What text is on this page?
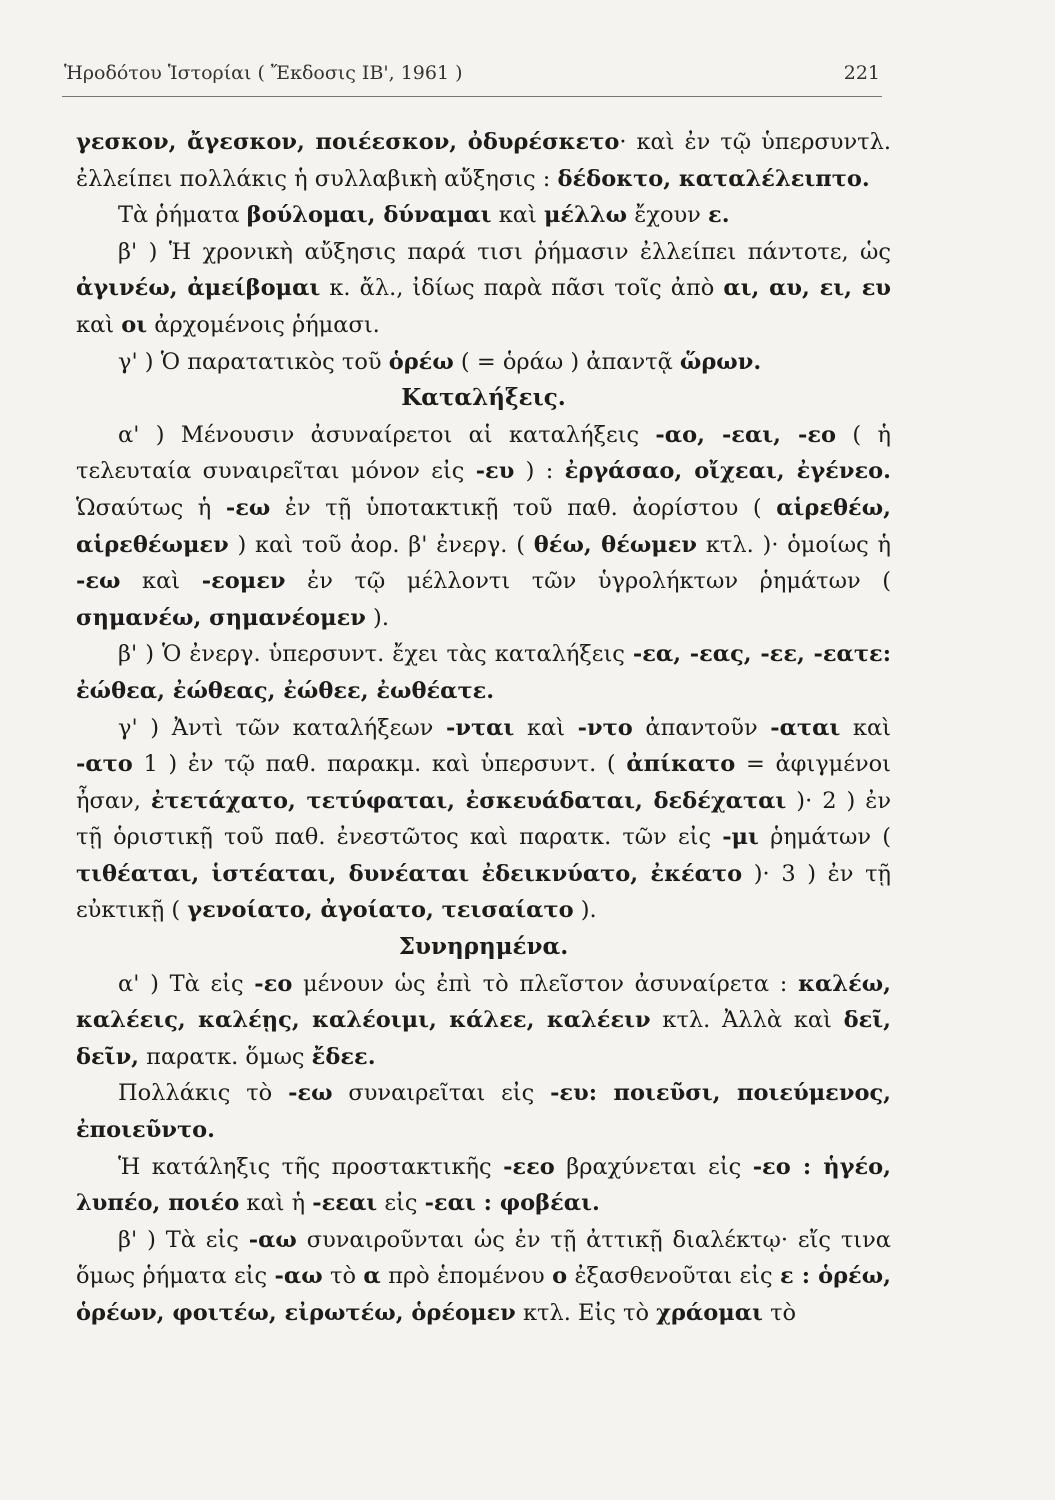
Ἡροδότου Ἱστορίαι ( Ἔκδοσις ΙΒ', 1961 )	221

γεσκον, ἄγεσκον, ποιέεσκον, ὀδυρέσκετο· καὶ ἐν τῷ ὑπερσυντλ. ἐλλείπει πολλάκις ἡ συλλαβικὴ αὔξησις : δέδοκτο, καταλέλειπτο.

Τὰ ῥήματα βούλομαι, δύναμαι καὶ μέλλω ἔχουν ε.

β' ) Ἡ χρονικὴ αὔξησις παρά τισι ῥήμασιν ἐλλείπει πάντοτε, ὡς ἀγινέω, ἀμείβομαι κ. ἄλ., ἰδίως παρὰ πᾶσι τοῖς ἀπὸ αι, αυ, ει, ευ καὶ οι ἀρχομένοις ῥήμασι.

γ' ) Ὁ παρατατικὸς τοῦ ὁρέω ( = ὁράω ) ἀπαντᾷ ὥρων.

Καταλήξεις.

α' ) Μένουσιν ἀσυναίρετοι αἱ καταλήξεις -αο, -εαι, -εο ( ἡ τελευταία συναιρεῖται μόνον εἰς -ευ ) : ἐργάσαο, οἴχεαι, ἐγένεο. Ὡσαύτως ἡ -εω ἐν τῇ ὑποτακτικῇ τοῦ παθ. ἀορίστου ( αἱρεθέω, αἱρεθέωμεν ) καὶ τοῦ ἀορ. β' ἐνεργ. ( θέω, θέωμεν κτλ. )· ὁμοίως ἡ -εω καὶ -εομεν ἐν τῷ μέλλοντι τῶν ὑγρολήκτων ῥημάτων ( σημανέω, σημανέομεν ).

β' ) Ὁ ἐνεργ. ὑπερσυντ. ἔχει τὰς καταλήξεις -εα, -εας, -εε, -εατε: ἐώθεα, ἐώθεας, ἐώθεε, ἐωθέατε.

γ' ) Ἀντὶ τῶν καταλήξεων -νται καὶ -ντο ἀπαντοῦν -αται καὶ -ατο 1 ) ἐν τῷ παθ. παρακμ. καὶ ὑπερσυντ. ( ἀπίκατο = ἀφιγμένοι ἦσαν, ἐτετάχατο, τετύφαται, ἐσκευάδαται, δεδέχαται )· 2 ) ἐν τῇ ὁριστικῇ τοῦ παθ. ἐνεστῶτος καὶ παρατκ. τῶν εἰς -μι ῥημάτων ( τιθέαται, ἱστέαται, δυνέαται ἐδεικνύατο, ἐκέατο )· 3 ) ἐν τῇ εὐκτικῇ ( γενοίατο, ἀγοίατο, τεισαίατο ).

Συνηρημένα.

α' ) Τὰ εἰς -εο μένουν ὡς ἐπὶ τὸ πλεῖστον ἀσυναίρετα : καλέω, καλέεις, καλέῃς, καλέοιμι, κάλεε, καλέειν κτλ. Ἀλλὰ καὶ δεῖ, δεῖν, παρατκ. ὅμως ἔδεε.

Πολλάκις τὸ -εω συναιρεῖται εἰς -ευ: ποιεῦσι, ποιεύμενος, ἐποιεῦντο.

Ἡ κατάληξις τῆς προστακτικῆς -εεο βραχύνεται εἰς -εο : ἡγέο, λυπέο, ποιέο καὶ ἡ -εεαι εἰς -εαι : φοβέαι.

β' ) Τὰ εἰς -αω συναιροῦνται ὡς ἐν τῇ ἀττικῇ διαλέκτῳ· εἴς τινα ὅμως ῥήματα εἰς -αω τὸ α πρὸ ἑπομένου ο ἐξασθενοῦται εἰς ε : ὁρέω, ὁρέων, φοιτέω, εἰρωτέω, ὁρέομεν κτλ. Εἰς τὸ χράομαι τὸ
